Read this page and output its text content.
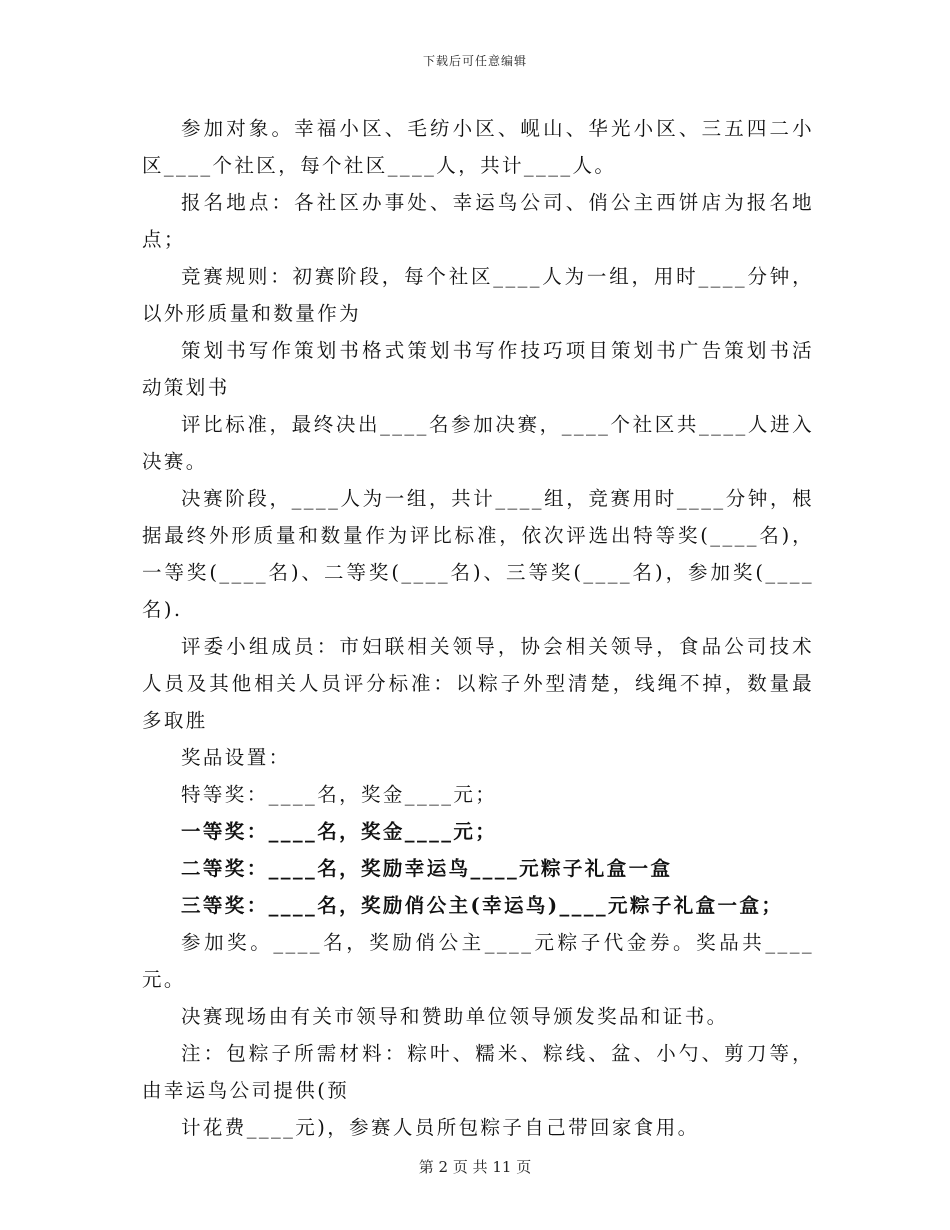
下载后可任意编辑

参加对象。幸福小区、毛纺小区、岘山、华光小区、三五四二小区____个社区，每个社区____人，共计____人。

报名地点：各社区办事处、幸运鸟公司、俏公主西饼店为报名地点；

竞赛规则：初赛阶段，每个社区____人为一组，用时____分钟，以外形质量和数量作为

策划书写作策划书格式策划书写作技巧项目策划书广告策划书活动策划书

评比标准，最终决出____名参加决赛，____个社区共____人进入决赛。

决赛阶段，____人为一组，共计____组，竞赛用时____分钟，根据最终外形质量和数量作为评比标准，依次评选出特等奖(____名)，一等奖(____名)、二等奖(____名)、三等奖(____名)，参加奖(____名).

评委小组成员：市妇联相关领导，协会相关领导，食品公司技术人员及其他相关人员评分标准：以粽子外型清楚，线绳不掉，数量最多取胜

奖品设置：

特等奖：____名，奖金____元；

一等奖：____名，奖金____元；

二等奖：____名，奖励幸运鸟____元粽子礼盒一盒

三等奖：____名，奖励俏公主(幸运鸟)____元粽子礼盒一盒；

参加奖。____名，奖励俏公主____元粽子代金券。奖品共____元。

决赛现场由有关市领导和赞助单位领导颁发奖品和证书。

注：包粽子所需材料：粽叶、糯米、粽线、盆、小勺、剪刀等，由幸运鸟公司提供(预

计花费____元)，参赛人员所包粽子自己带回家食用。

第 2 页 共 11 页
